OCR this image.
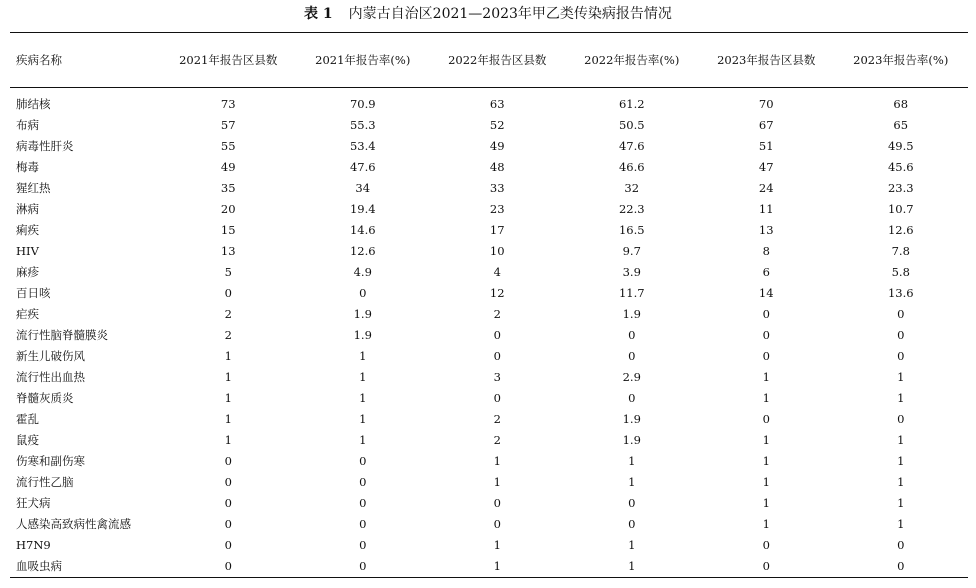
表 1 内蒙古自治区2021—2023年甲乙类传染病报告情况
疾病名称	2021年报告区县数	2021年报告率(%)	2022年报告区县数	2022年报告率(%)	2023年报告区县数	2023年报告率(%)

肺结核	73	70.9	63	61.2	70	68
布病	57	55.3	52	50.5	67	65
病毒性肝炎	55	53.4	49	47.6	51	49.5
梅毒	49	47.6	48	46.6	47	45.6
猩红热	35	34	33	32	24	23.3
淋病	20	19.4	23	22.3	11	10.7
痢疾	15	14.6	17	16.5	13	12.6
HIV	13	12.6	10	9.7	8	7.8
麻疹	5	4.9	4	3.9	6	5.8
百日咳	0	0	12	11.7	14	13.6
疟疾	2	1.9	2	1.9	0	0
流行性脑脊髓膜炎	2	1.9	0	0	0	0
新生儿破伤风	1	1	0	0	0	0
流行性出血热	1	1	3	2.9	1	1
脊髓灰质炎	1	1	0	0	1	1
霍乱	1	1	2	1.9	0	0
鼠疫	1	1	2	1.9	1	1
伤寒和副伤寒	0	0	1	1	1	1
流行性乙脑	0	0	1	1	1	1
狂犬病	0	0	0	0	1	1
人感染高致病性禽流感	0	0	0	0	1	1
H7N9	0	0	1	1	0	0
血吸虫病	0	0	1	1	0	0
